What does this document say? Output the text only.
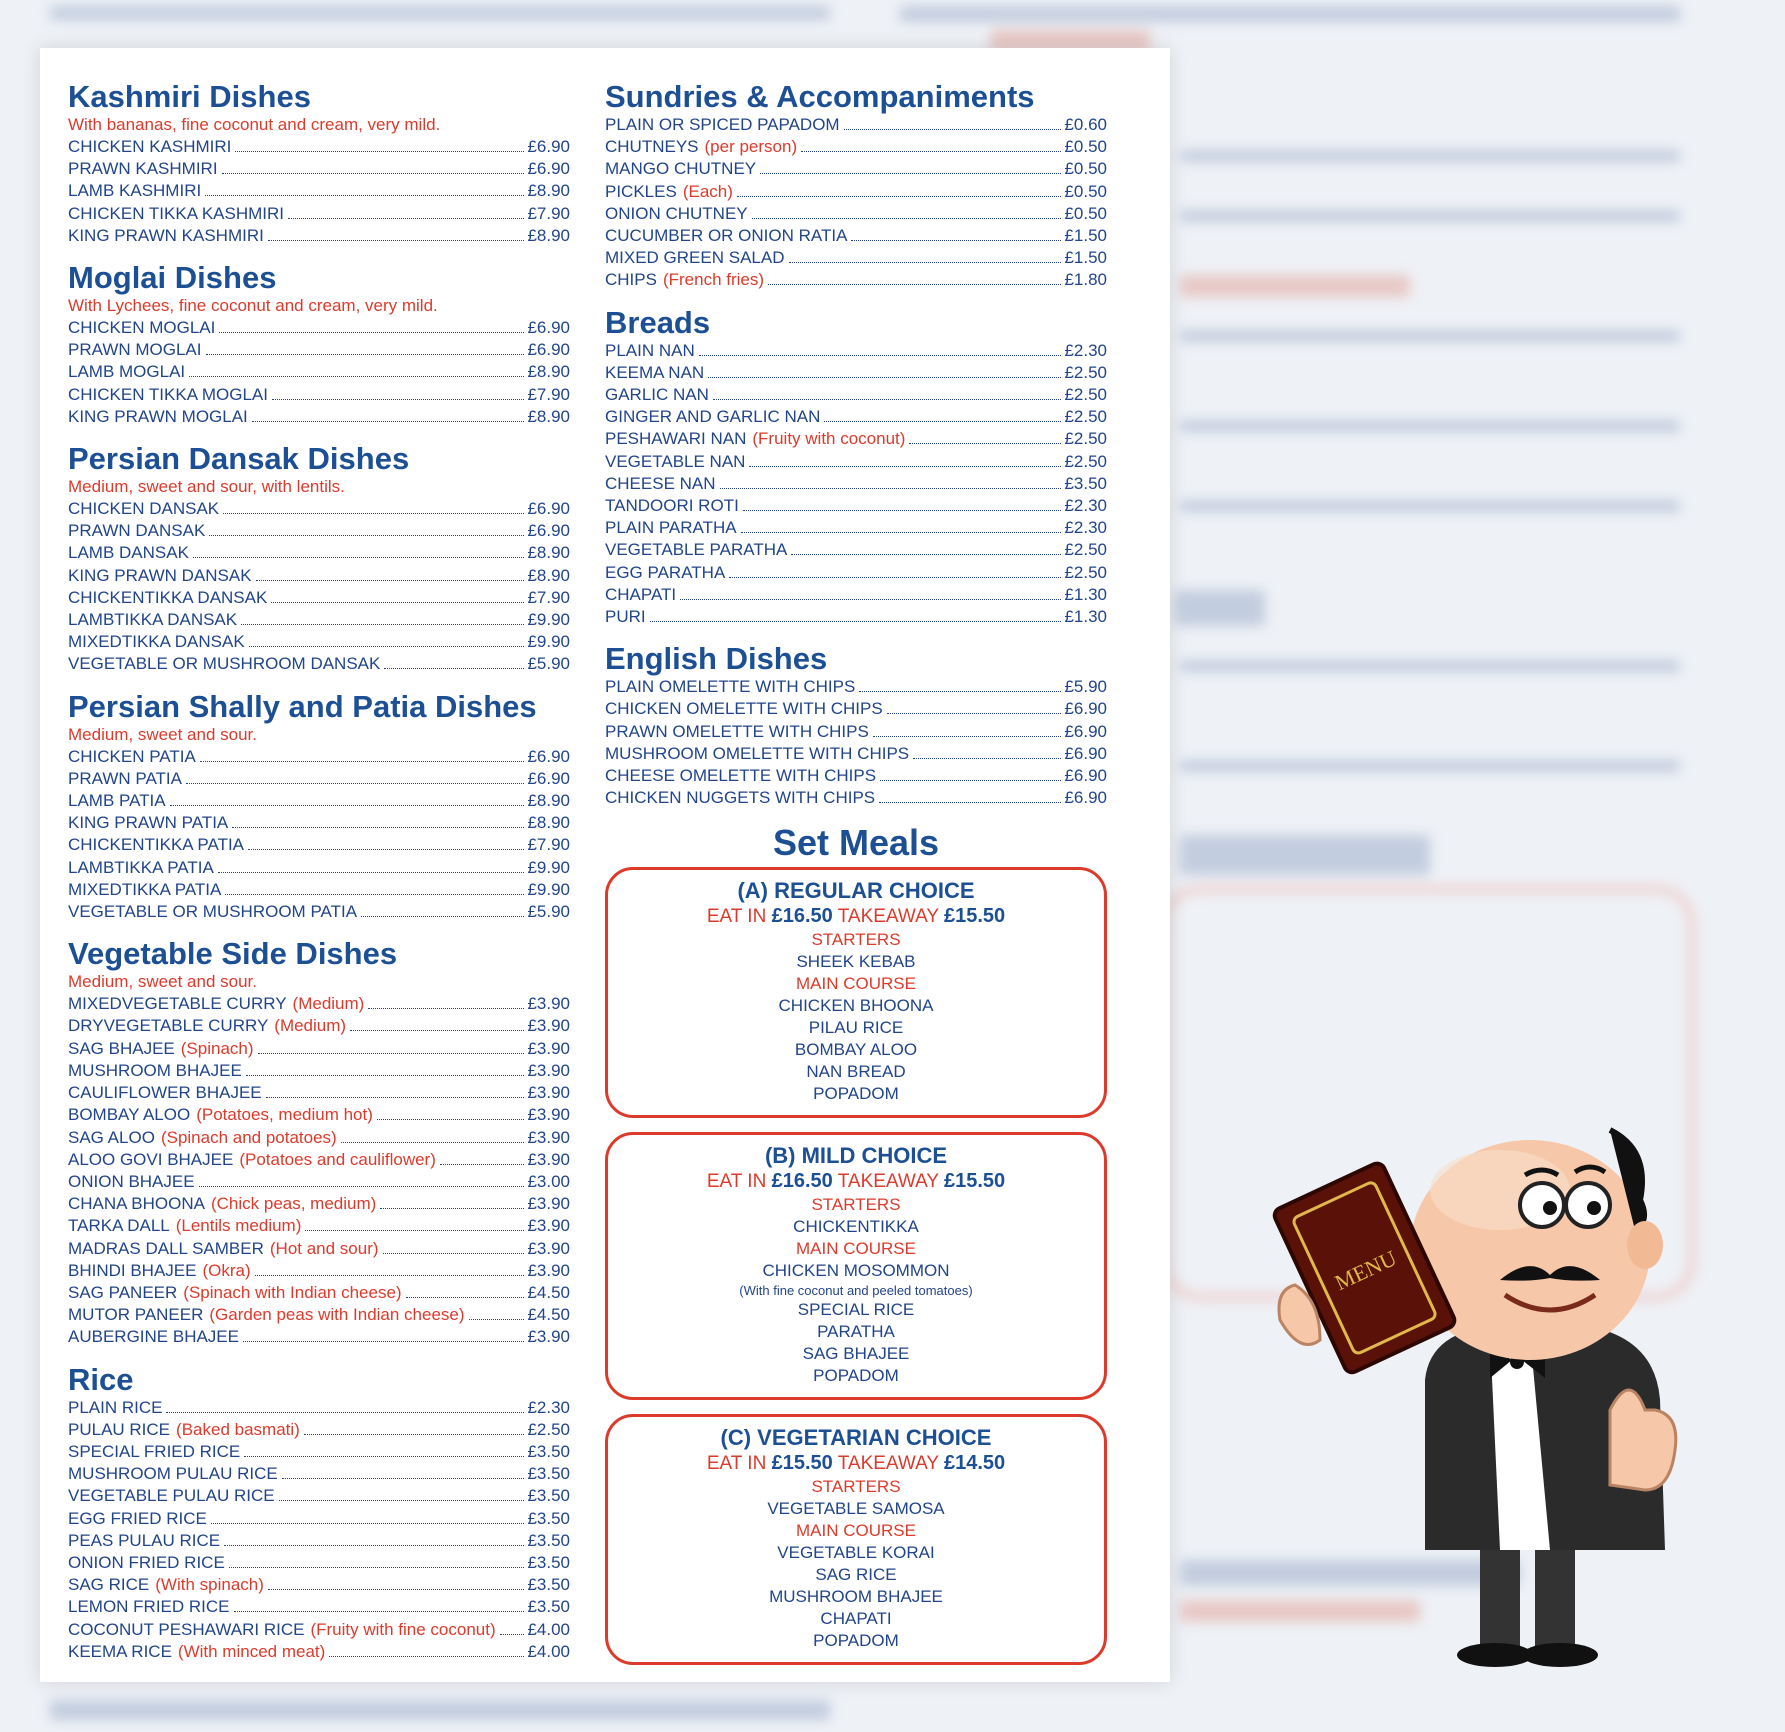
Kashmiri Dishes
With bananas, fine coconut and cream, very mild.
CHICKEN KASHMIRI	£6.90
PRAWN KASHMIRI	£6.90
LAMB KASHMIRI	£8.90
CHICKEN TIKKA KASHMIRI	£7.90
KING PRAWN KASHMIRI	£8.90
Moglai Dishes
With Lychees, fine coconut and cream, very mild.
CHICKEN MOGLAI	£6.90
PRAWN MOGLAI	£6.90
LAMB MOGLAI	£8.90
CHICKEN TIKKA MOGLAI	£7.90
KING PRAWN MOGLAI	£8.90
Persian Dansak Dishes
Medium, sweet and sour, with lentils.
CHICKEN DANSAK	£6.90
PRAWN DANSAK	£6.90
LAMB DANSAK	£8.90
KING PRAWN DANSAK	£8.90
CHICKENTIKKA DANSAK	£7.90
LAMBTIKKA DANSAK	£9.90
MIXEDTIKKA DANSAK	£9.90
VEGETABLE OR MUSHROOM DANSAK	£5.90
Persian Shally and Patia Dishes
Medium, sweet and sour.
CHICKEN PATIA	£6.90
PRAWN PATIA	£6.90
LAMB PATIA	£8.90
KING PRAWN PATIA	£8.90
CHICKENTIKKA PATIA	£7.90
LAMBTIKKA PATIA	£9.90
MIXEDTIKKA PATIA	£9.90
VEGETABLE OR MUSHROOM PATIA	£5.90
Vegetable Side Dishes
Medium, sweet and sour.
MIXEDVEGETABLE CURRY (Medium)	£3.90
DRYVEGETABLE CURRY (Medium)	£3.90
SAG BHAJEE (Spinach)	£3.90
MUSHROOM BHAJEE	£3.90
CAULIFLOWER BHAJEE	£3.90
BOMBAY ALOO (Potatoes, medium hot)	£3.90
SAG ALOO (Spinach and potatoes)	£3.90
ALOO GOVI BHAJEE (Potatoes and cauliflower)	£3.90
ONION BHAJEE	£3.00
CHANA BHOONA (Chick peas, medium)	£3.90
TARKA DALL (Lentils medium)	£3.90
MADRAS DALL SAMBER (Hot and sour)	£3.90
BHINDI BHAJEE (Okra)	£3.90
SAG PANEER (Spinach with Indian cheese)	£4.50
MUTOR PANEER (Garden peas with Indian cheese)	£4.50
AUBERGINE BHAJEE	£3.90
Rice
PLAIN RICE	£2.30
PULAU RICE (Baked basmati)	£2.50
SPECIAL FRIED RICE	£3.50
MUSHROOM PULAU RICE	£3.50
VEGETABLE PULAU RICE	£3.50
EGG FRIED RICE	£3.50
PEAS PULAU RICE	£3.50
ONION FRIED RICE	£3.50
SAG RICE (With spinach)	£3.50
LEMON FRIED RICE	£3.50
COCONUT PESHAWARI RICE (Fruity with fine coconut) £4.00
KEEMA RICE (With minced meat)	£4.00
Sundries & Accompaniments
PLAIN OR SPICED PAPADOM	£0.60
CHUTNEYS (per person)	£0.50
MANGO CHUTNEY	£0.50
PICKLES (Each)	£0.50
ONION CHUTNEY	£0.50
CUCUMBER OR ONION RATIA	£1.50
MIXED GREEN SALAD	£1.50
CHIPS (French fries)	£1.80
Breads
PLAIN NAN	£2.30
KEEMA NAN	£2.50
GARLIC NAN	£2.50
GINGER AND GARLIC NAN	£2.50
PESHAWARI NAN (Fruity with coconut)	£2.50
VEGETABLE NAN	£2.50
CHEESE NAN	£3.50
TANDOORI ROTI	£2.30
PLAIN PARATHA	£2.30
VEGETABLE PARATHA	£2.50
EGG PARATHA	£2.50
CHAPATI	£1.30
PURI	£1.30
English Dishes
PLAIN OMELETTE WITH CHIPS	£5.90
CHICKEN OMELETTE WITH CHIPS	£6.90
PRAWN OMELETTE WITH CHIPS	£6.90
MUSHROOM OMELETTE WITH CHIPS	£6.90
CHEESE OMELETTE WITH CHIPS	£6.90
CHICKEN NUGGETS WITH CHIPS	£6.90
Set Meals
(A) REGULAR CHOICE
EAT IN £16.50 TAKEAWAY £15.50
STARTERS
SHEEK KEBAB
MAIN COURSE
CHICKEN BHOONA
PILAU RICE
BOMBAY ALOO
NAN BREAD
POPADOM
(B) MILD CHOICE
EAT IN £16.50 TAKEAWAY £15.50
STARTERS
CHICKENTIKKA
MAIN COURSE
CHICKEN MOSOMMON
(With fine coconut and peeled tomatoes)
SPECIAL RICE
PARATHA
SAG BHAJEE
POPADOM
(C) VEGETARIAN CHOICE
EAT IN £15.50 TAKEAWAY £14.50
STARTERS
VEGETABLE SAMOSA
MAIN COURSE
VEGETABLE KORAI
SAG RICE
MUSHROOM BHAJEE
CHAPATI
POPADOM
MENU
